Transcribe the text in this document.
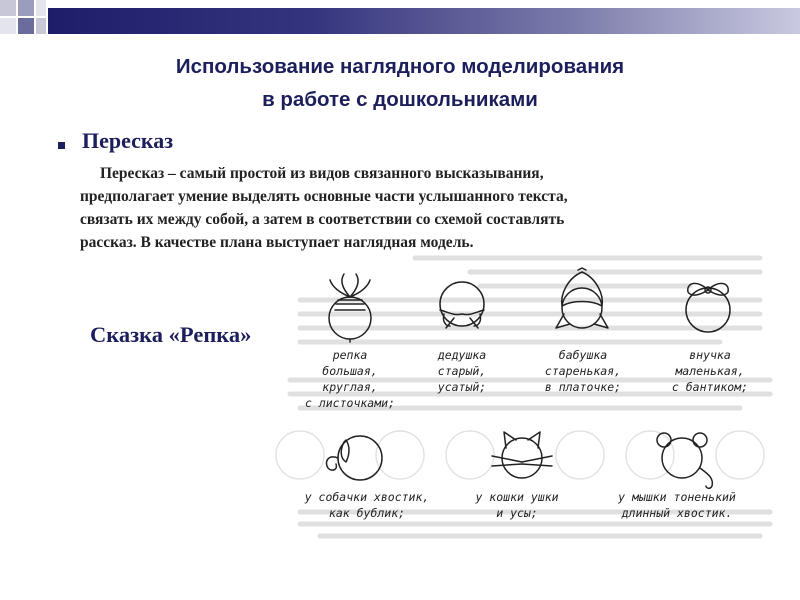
Использование наглядного моделирования
в работе с дошкольниками
Пересказ
Пересказ – самый простой из видов связанного высказывания,
предполагает умение выделять основные части услышанного текста,
связать их между собой, а затем в соответствии со схемой составлять
рассказ. В качестве плана выступает наглядная модель.
Сказка «Репка»
репка
большая,
круглая,
с листочками;
дедушка
старый,
усатый;
бабушка
старенькая,
в платочке;
внучка
маленькая,
с бантиком;
у собачки хвостик,
как бублик;
у кошки ушки
и усы;
у мышки тоненький
длинный хвостик.
